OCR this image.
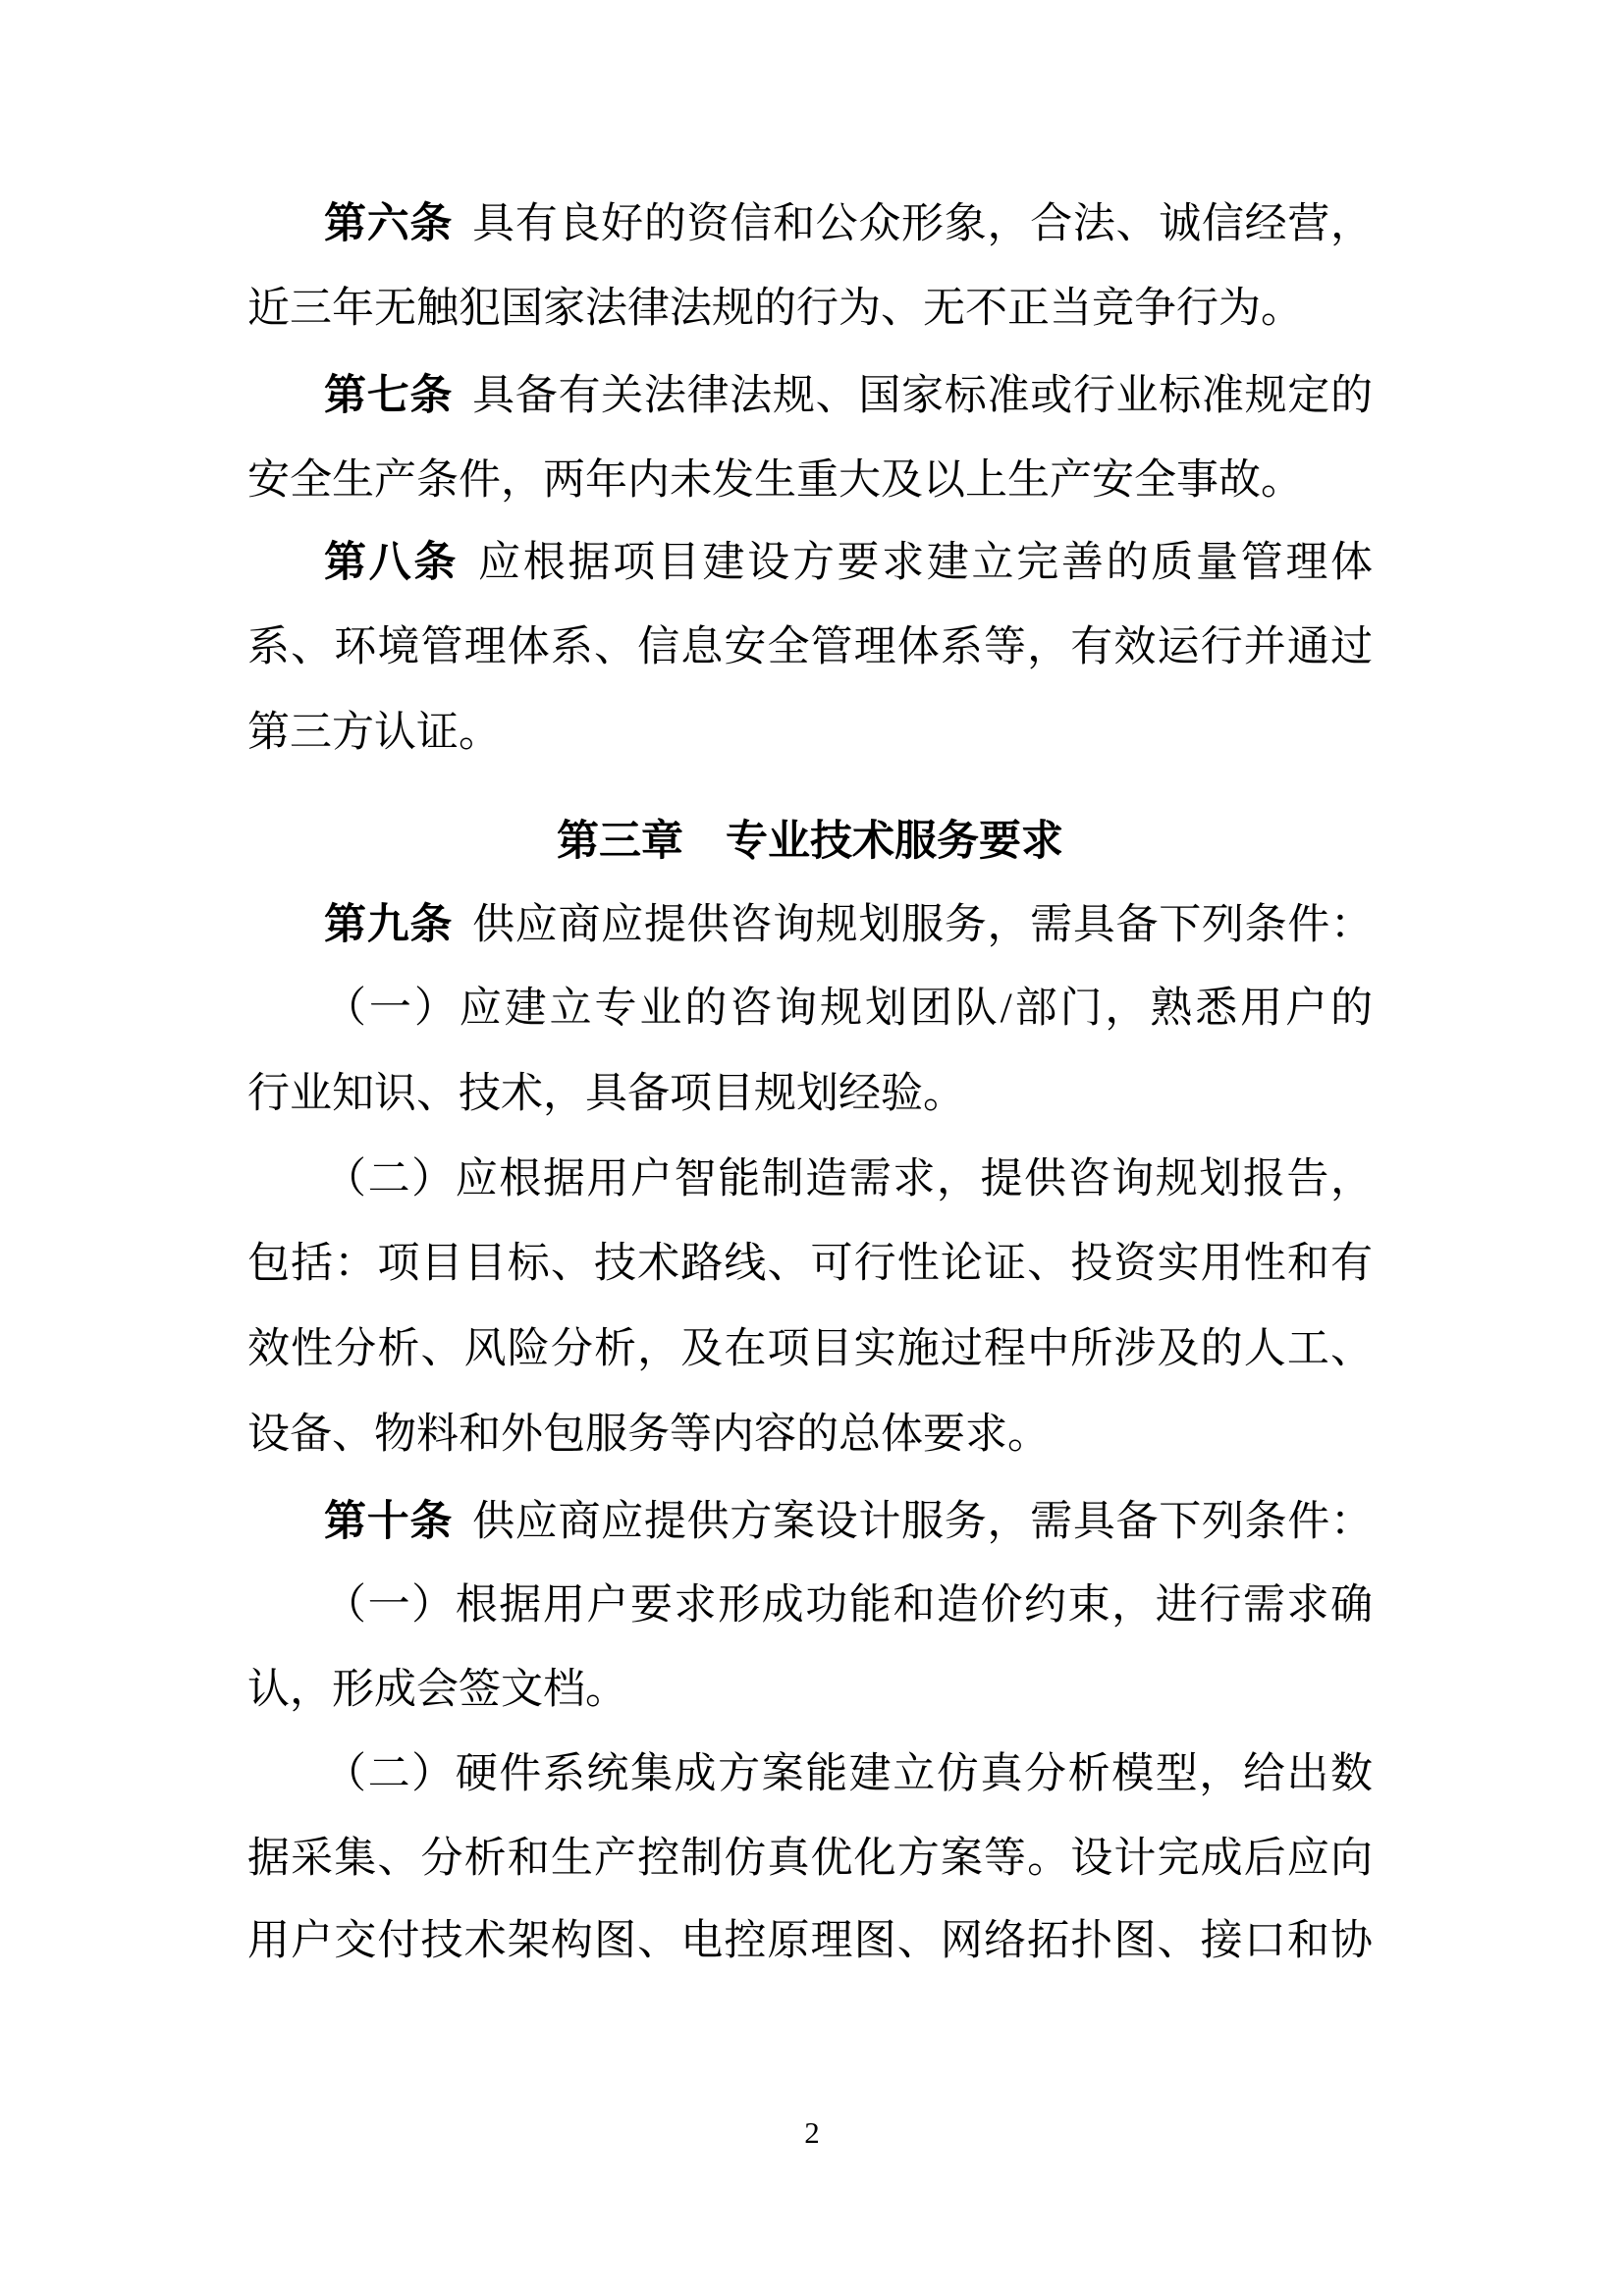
第六条 具有良好的资信和公众形象，合法、诚信经营，
近三年无触犯国家法律法规的行为、无不正当竞争行为。
第七条 具备有关法律法规、国家标准或行业标准规定的
安全生产条件，两年内未发生重大及以上生产安全事故。
第八条 应根据项目建设方要求建立完善的质量管理体
系、环境管理体系、信息安全管理体系等，有效运行并通过
第三方认证。
第三章　专业技术服务要求
第九条 供应商应提供咨询规划服务，需具备下列条件：
（一）应建立专业的咨询规划团队/部门，熟悉用户的
行业知识、技术，具备项目规划经验。
（二）应根据用户智能制造需求，提供咨询规划报告，
包括：项目目标、技术路线、可行性论证、投资实用性和有
效性分析、风险分析，及在项目实施过程中所涉及的人工、
设备、物料和外包服务等内容的总体要求。
第十条 供应商应提供方案设计服务，需具备下列条件：
（一）根据用户要求形成功能和造价约束，进行需求确
认，形成会签文档。
（二）硬件系统集成方案能建立仿真分析模型，给出数
据采集、分析和生产控制仿真优化方案等。设计完成后应向
用户交付技术架构图、电控原理图、网络拓扑图、接口和协
2
